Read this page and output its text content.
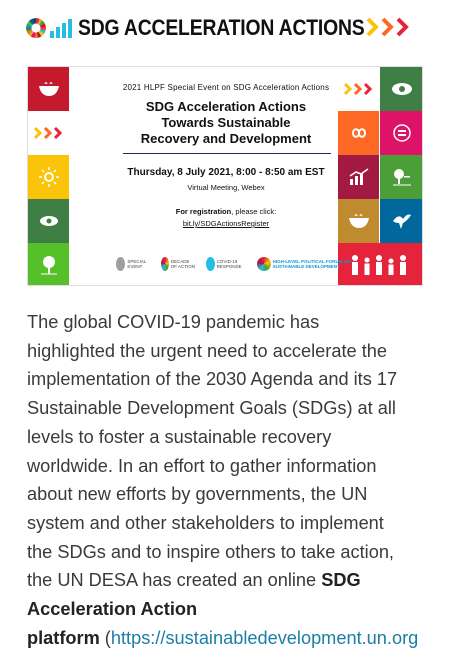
SDG ACCELERATION ACTIONS
2021 HLPF Special Event on SDG Acceleration Actions
SDG Acceleration Actions
Towards Sustainable
Recovery and Development
Thursday, 8 July 2021, 8:00 - 8:50 am EST
Virtual Meeting, Webex
For registration, please click:
bit.ly/SDGActionsRegister
SPECIAL EVENT
DECADE OF ACTION
COVID-19 RESPONSE
HIGH-LEVEL POLITICAL FORUM ON SUSTAINABLE DEVELOPMENT

The global COVID-19 pandemic has
highlighted the urgent need to accelerate the
implementation of the 2030 Agenda and its 17
Sustainable Development Goals (SDGs) at all
levels to foster a sustainable recovery
worldwide. In an effort to gather information
about new efforts by governments, the UN
system and other stakeholders to implement
the SDGs and to inspire others to take action,
the UN DESA has created an online SDG
Acceleration Action
platform (https://sustainabledevelopment.un.org
